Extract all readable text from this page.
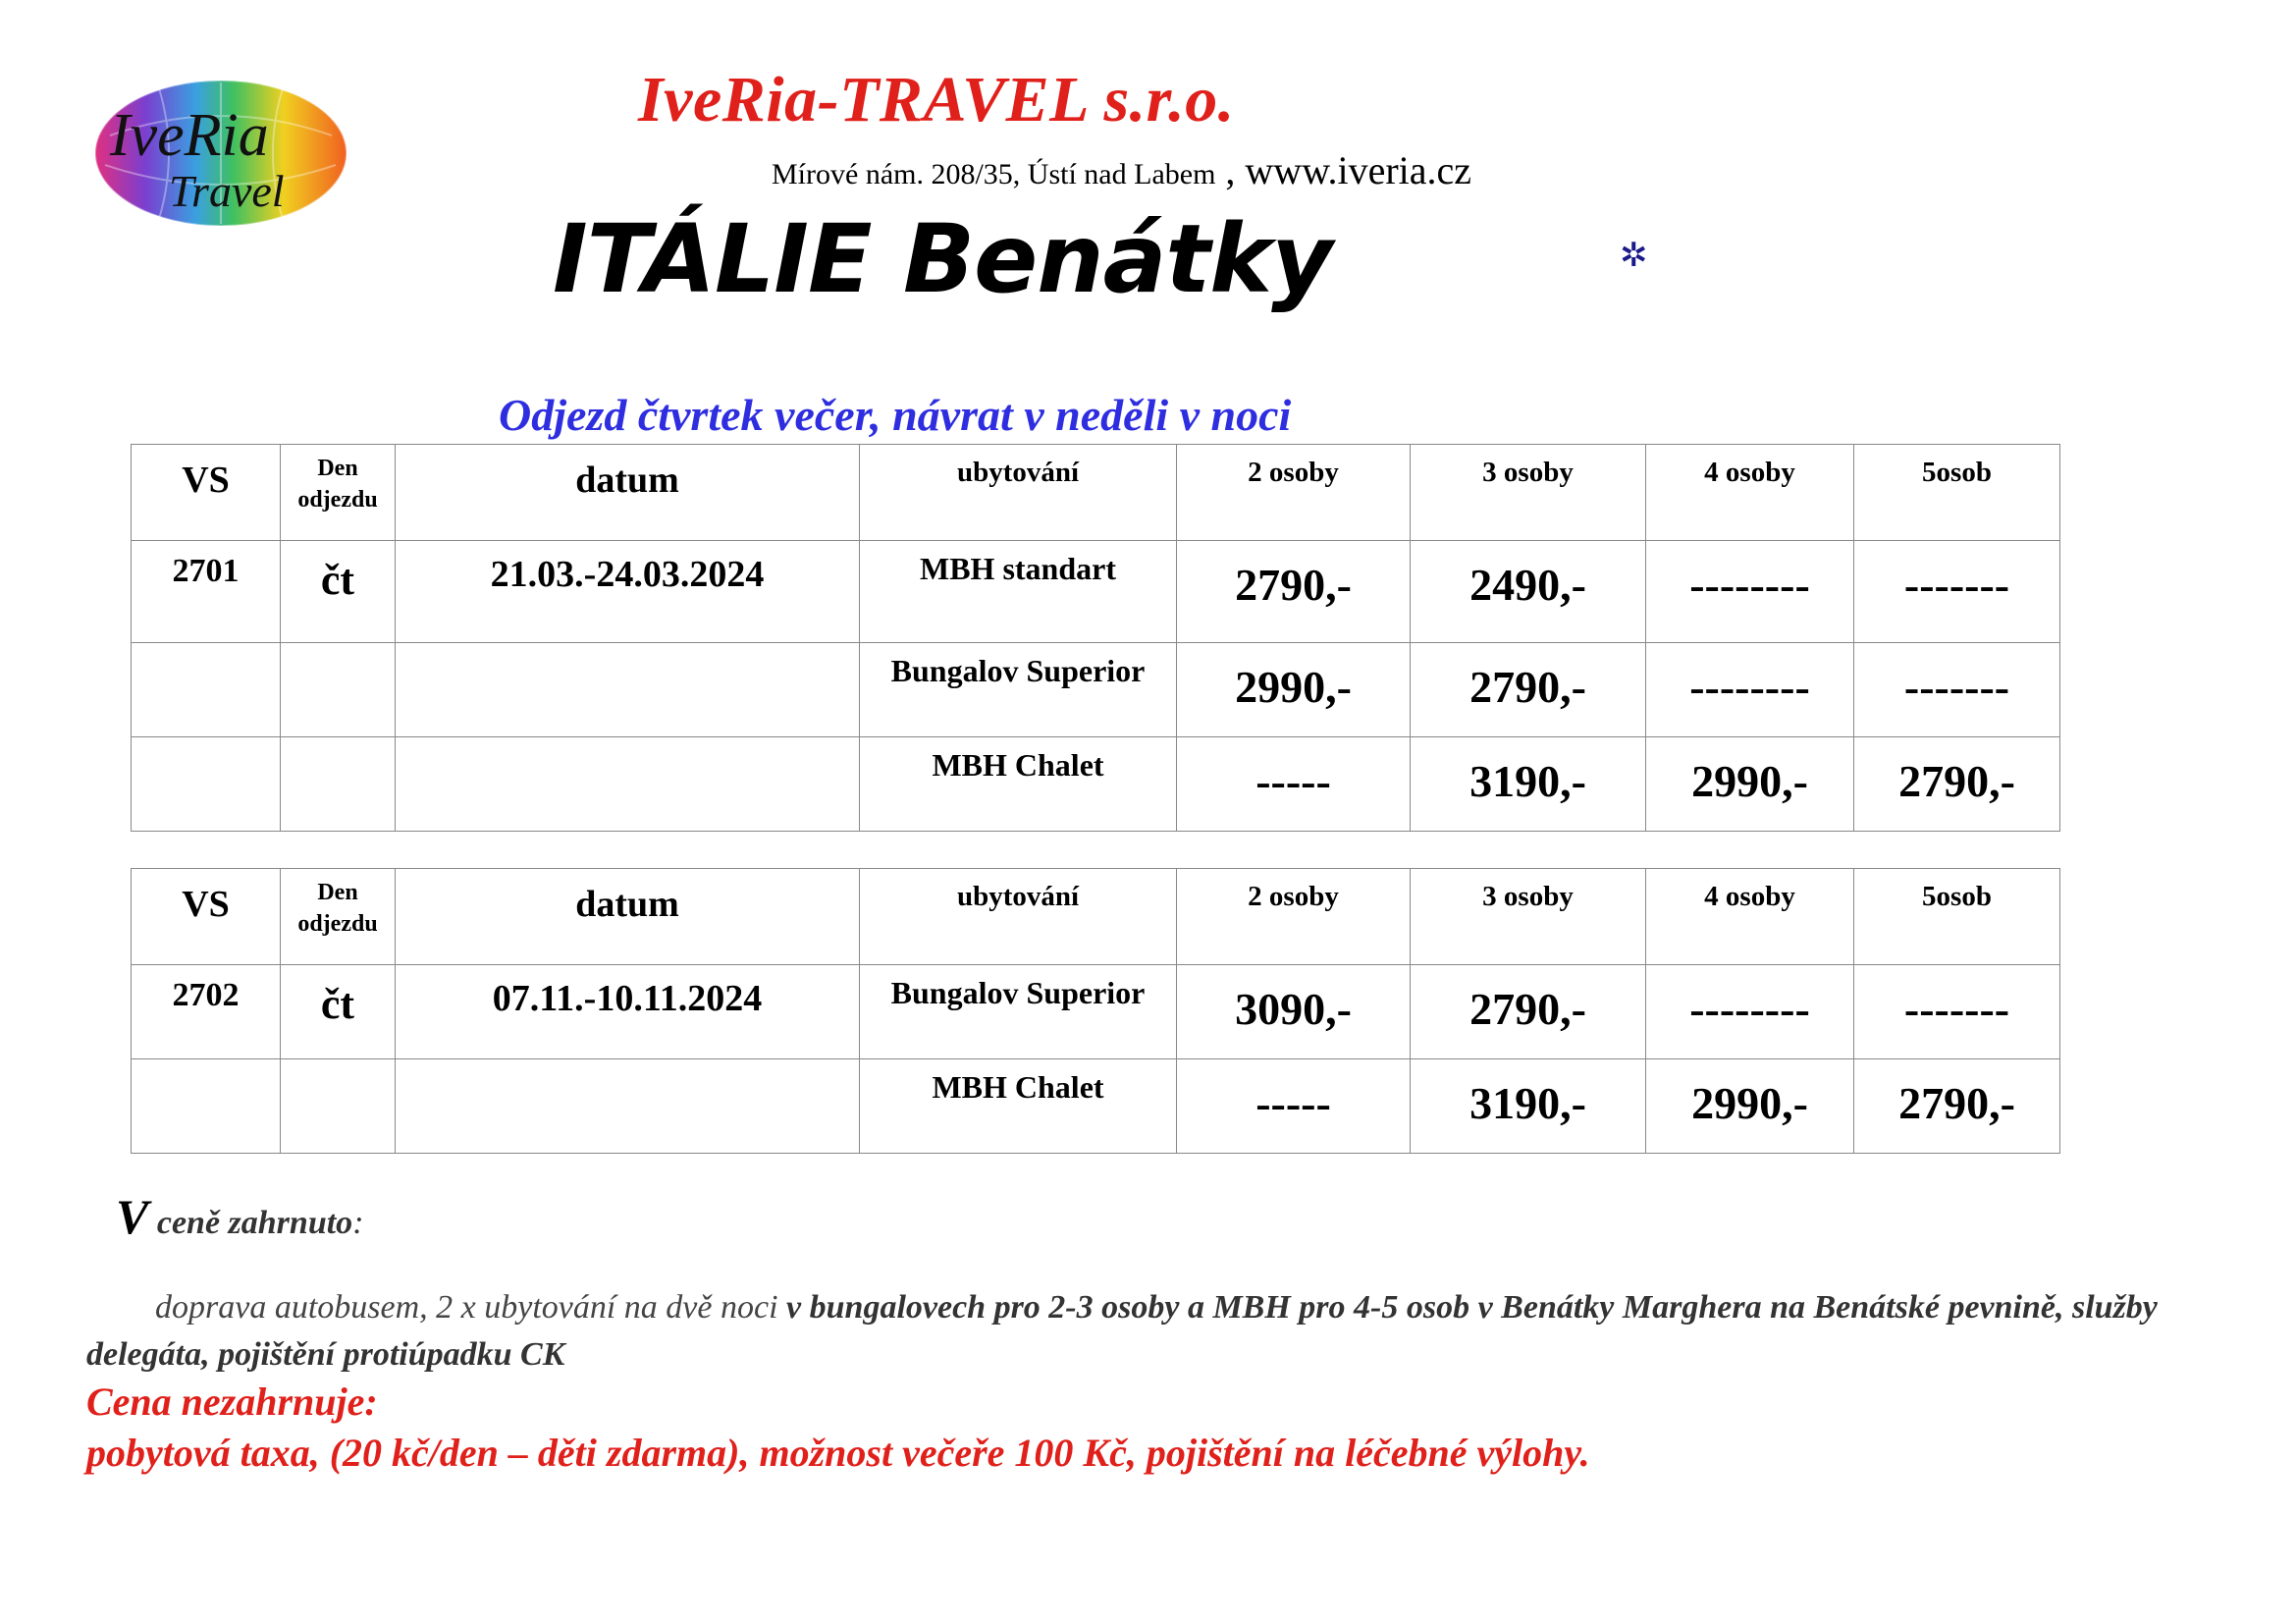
IveRia
Travel
IveRia-TRAVEL s.r.o.
Mírové nám. 208/35, Ústí nad Labem , www.iveria.cz
ITÁLIE Benátky	✲
Odjezd čtvrtek večer, návrat v neděli v noci
VS	Den odjezdu	datum	ubytování	2 osoby	3 osoby	4 osoby	5osob
2701	čt	21.03.-24.03.2024	MBH standart	2790,-	2490,-	--------	-------
			Bungalov Superior	2990,-	2790,-	--------	-------
			MBH Chalet	-----	3190,-	2990,-	2790,-
VS	Den odjezdu	datum	ubytování	2 osoby	3 osoby	4 osoby	5osob
2702	čt	07.11.-10.11.2024	Bungalov Superior	3090,-	2790,-	--------	-------
			MBH Chalet	-----	3190,-	2990,-	2790,-
V ceně zahrnuto:
doprava autobusem, 2 x ubytování na dvě noci v bungalovech pro 2-3 osoby a MBH pro 4-5 osob v Benátky Marghera na Benátské pevnině, služby delegáta, pojištění protiúpadku CK
Cena nezahrnuje:
pobytová taxa, (20 kč/den – děti zdarma), možnost večeře 100 Kč, pojištění na léčebné výlohy.
